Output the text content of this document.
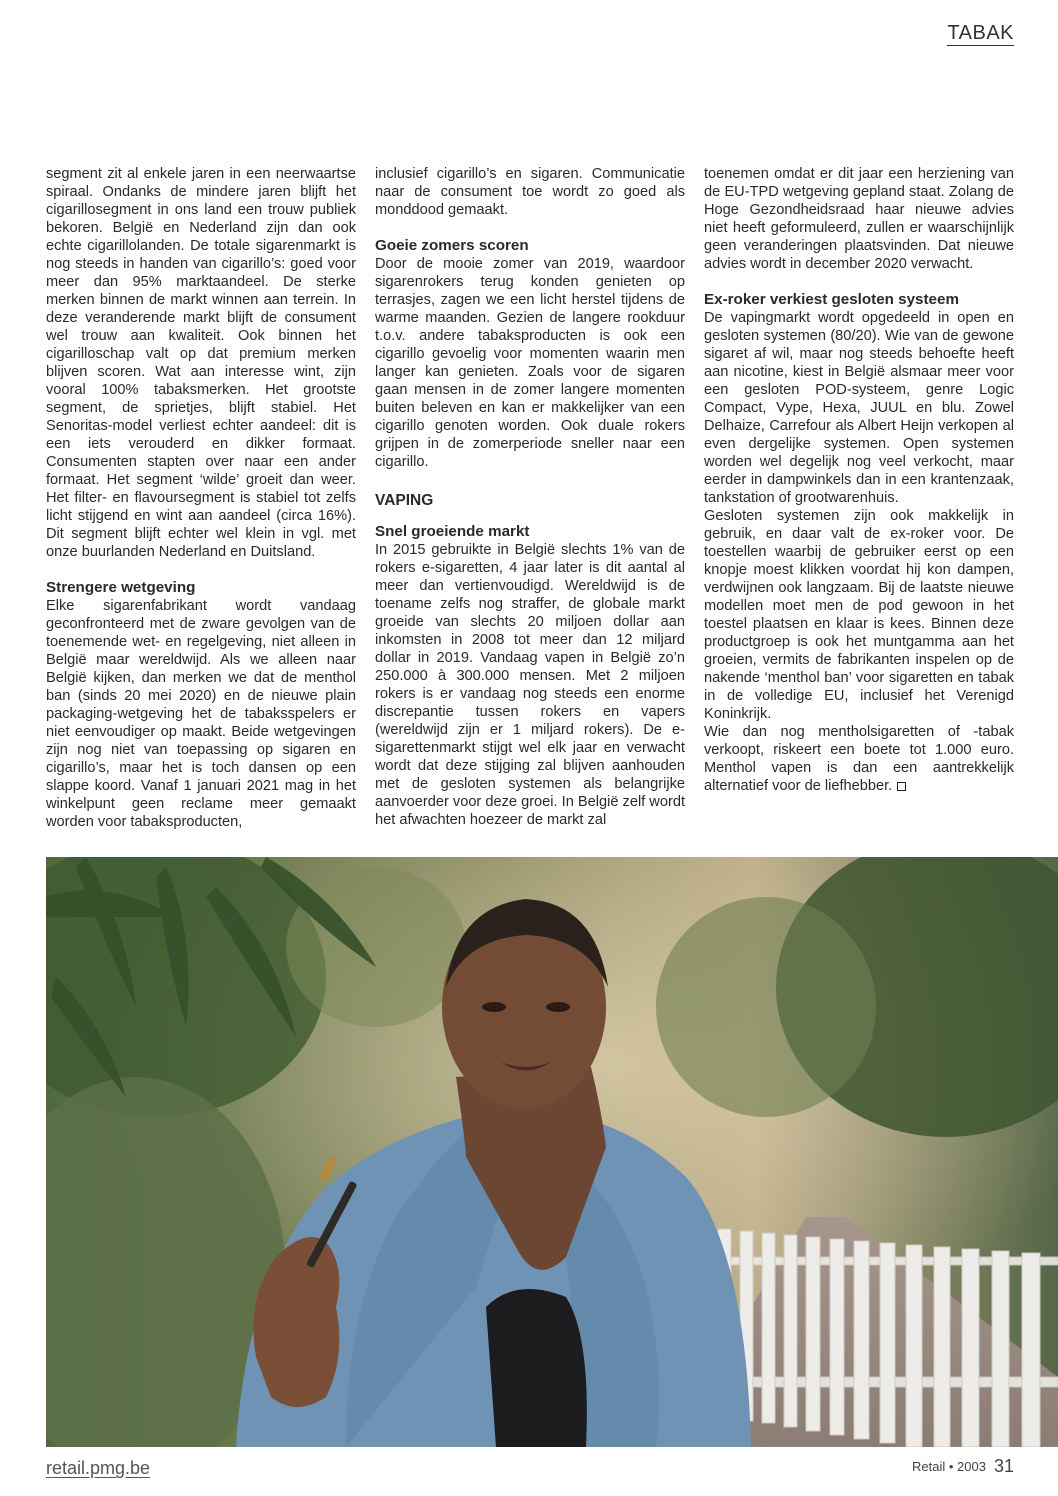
TABAK

segment zit al enkele jaren in een neerwaartse spiraal. Ondanks de mindere jaren blijft het cigarillosegment in ons land een trouw publiek bekoren. België en Nederland zijn dan ook echte cigarillolanden. De totale sigarenmarkt is nog steeds in handen van cigarillo’s: goed voor meer dan 95% marktaandeel. De sterke merken binnen de markt winnen aan terrein. In deze veranderende markt blijft de consument wel trouw aan kwaliteit. Ook binnen het cigarilloschap valt op dat premium merken blijven scoren. Wat aan interesse wint, zijn vooral 100% tabaksmerken. Het grootste segment, de sprietjes, blijft stabiel. Het Senoritas-model verliest echter aandeel: dit is een iets verouderd en dikker formaat. Consumenten stapten over naar een ander formaat. Het segment ‘wilde’ groeit dan weer. Het filter- en flavoursegment is stabiel tot zelfs licht stijgend en wint aan aandeel (circa 16%). Dit segment blijft echter wel klein in vgl. met onze buurlanden Nederland en Duitsland.

Strengere wetgeving

Elke sigarenfabrikant wordt vandaag geconfronteerd met de zware gevolgen van de toenemende wet- en regelgeving, niet alleen in België maar wereldwijd. Als we alleen naar België kijken, dan merken we dat de menthol ban (sinds 20 mei 2020) en de nieuwe plain packaging-wetgeving het de tabaksspelers er niet eenvoudiger op maakt. Beide wetgevingen zijn nog niet van toepassing op sigaren en cigarillo’s, maar het is toch dansen op een slappe koord. Vanaf 1 januari 2021 mag in het winkelpunt geen reclame meer gemaakt worden voor tabaksproducten,

inclusief cigarillo’s en sigaren. Communicatie naar de consument toe wordt zo goed als monddood gemaakt.

Goeie zomers scoren

Door de mooie zomer van 2019, waardoor sigarenrokers terug konden genieten op terrasjes, zagen we een licht herstel tijdens de warme maanden. Gezien de langere rookduur t.o.v. andere tabaksproducten is ook een cigarillo gevoelig voor momenten waarin men langer kan genieten. Zoals voor de sigaren gaan mensen in de zomer langere momenten buiten beleven en kan er makkelijker van een cigarillo genoten worden. Ook duale rokers grijpen in de zomerperiode sneller naar een cigarillo.

VAPING
Snel groeiende markt

In 2015 gebruikte in België slechts 1% van de rokers e-sigaretten, 4 jaar later is dit aantal al meer dan vertienvoudigd. Wereldwijd is de toename zelfs nog straffer, de globale markt groeide van slechts 20 miljoen dollar aan inkomsten in 2008 tot meer dan 12 miljard dollar in 2019. Vandaag vapen in België zo’n 250.000 à 300.000 mensen. Met 2 miljoen rokers is er vandaag nog steeds een enorme discrepantie tussen rokers en vapers (wereldwijd zijn er 1 miljard rokers). De e-sigarettenmarkt stijgt wel elk jaar en verwacht wordt dat deze stijging zal blijven aanhouden met de gesloten systemen als belangrijke aanvoerder voor deze groei. In België zelf wordt het afwachten hoezeer de markt zal

toenemen omdat er dit jaar een herziening van de EU-TPD wetgeving gepland staat. Zolang de Hoge Gezondheidsraad haar nieuwe advies niet heeft geformuleerd, zullen er waarschijnlijk geen veranderingen plaatsvinden. Dat nieuwe advies wordt in december 2020 verwacht.

Ex-roker verkiest gesloten systeem

De vapingmarkt wordt opgedeeld in open en gesloten systemen (80/20). Wie van de gewone sigaret af wil, maar nog steeds behoefte heeft aan nicotine, kiest in België alsmaar meer voor een gesloten POD-systeem, genre Logic Compact, Vype, Hexa, JUUL en blu. Zowel Delhaize, Carrefour als Albert Heijn verkopen al even dergelijke systemen. Open systemen worden wel degelijk nog veel verkocht, maar eerder in dampwinkels dan in een krantenzaak, tankstation of grootwarenhuis.

Gesloten systemen zijn ook makkelijk in gebruik, en daar valt de ex-roker voor. De toestellen waarbij de gebruiker eerst op een knopje moest klikken voordat hij kon dampen, verdwijnen ook langzaam. Bij de laatste nieuwe modellen moet men de pod gewoon in het toestel plaatsen en klaar is kees. Binnen deze productgroep is ook het muntgamma aan het groeien, vermits de fabrikanten inspelen op de nakende ‘menthol ban’ voor sigaretten en tabak in de volledige EU, inclusief het Verenigd Koninkrijk.

Wie dan nog mentholsigaretten of -tabak verkoopt, riskeert een boete tot 1.000 euro. Menthol vapen is dan een aantrekkelijk alternatief voor de liefhebber.

retail.pmg.be	Retail • 2003 31
